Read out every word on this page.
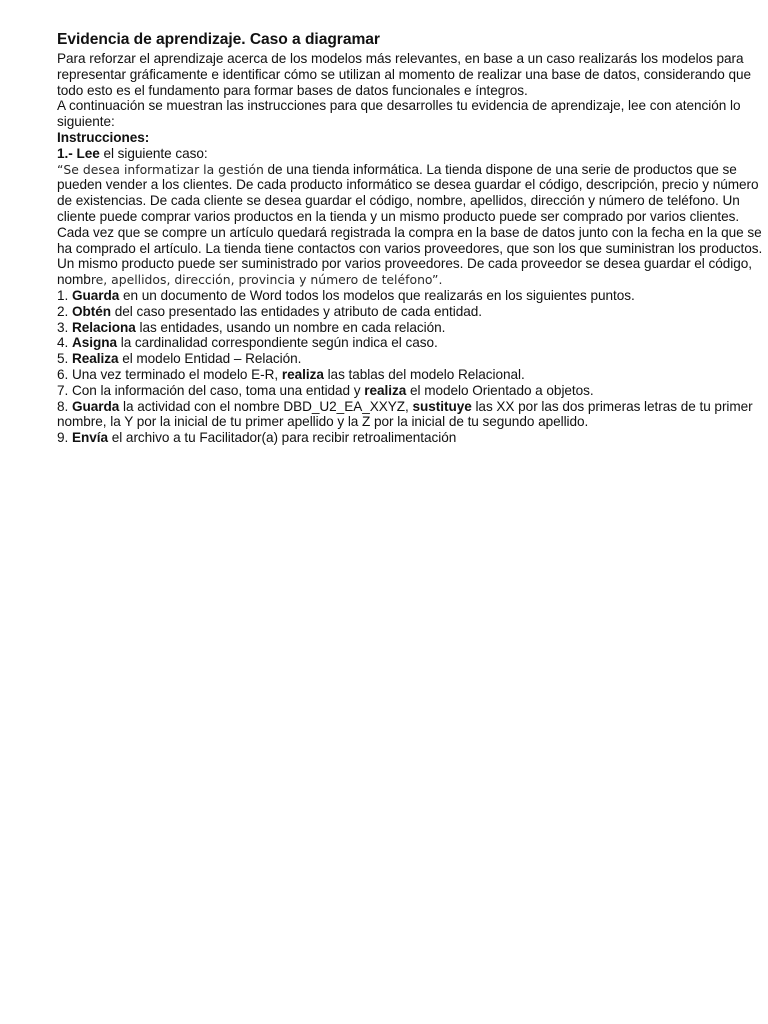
Evidencia de aprendizaje. Caso a diagramar

Para reforzar el aprendizaje acerca de los modelos más relevantes, en base a un caso realizarás los modelos para representar gráficamente e identificar cómo se utilizan al momento de realizar una base de datos, considerando que todo esto es el fundamento para formar bases de datos funcionales e íntegros.

A continuación se muestran las instrucciones para que desarrolles tu evidencia de aprendizaje, lee con atención lo siguiente:

Instrucciones:

1.- Lee el siguiente caso:

“Se desea informatizar la gestión de una tienda informática. La tienda dispone de una serie de productos que se pueden vender a los clientes. De cada producto informático se desea guardar el código, descripción, precio y número de existencias. De cada cliente se desea guardar el código, nombre, apellidos, dirección y número de teléfono. Un cliente puede comprar varios productos en la tienda y un mismo producto puede ser comprado por varios clientes. Cada vez que se compre un artículo quedará registrada la compra en la base de datos junto con la fecha en la que se ha comprado el artículo. La tienda tiene contactos con varios proveedores, que son los que suministran los productos. Un mismo producto puede ser suministrado por varios proveedores. De cada proveedor se desea guardar el código, nombre, apellidos, dirección, provincia y número de teléfono”.

1. Guarda en un documento de Word todos los modelos que realizarás en los siguientes puntos.

2. Obtén del caso presentado las entidades y atributo de cada entidad.

3. Relaciona las entidades, usando un nombre en cada relación.

4. Asigna la cardinalidad correspondiente según indica el caso.

5. Realiza el modelo Entidad – Relación.

6. Una vez terminado el modelo E-R, realiza las tablas del modelo Relacional.

7. Con la información del caso, toma una entidad y realiza el modelo Orientado a objetos.

8. Guarda la actividad con el nombre DBD_U2_EA_XXYZ, sustituye las XX por las dos primeras letras de tu primer nombre, la Y por la inicial de tu primer apellido y la Z por la inicial de tu segundo apellido.

9. Envía el archivo a tu Facilitador(a) para recibir retroalimentación
